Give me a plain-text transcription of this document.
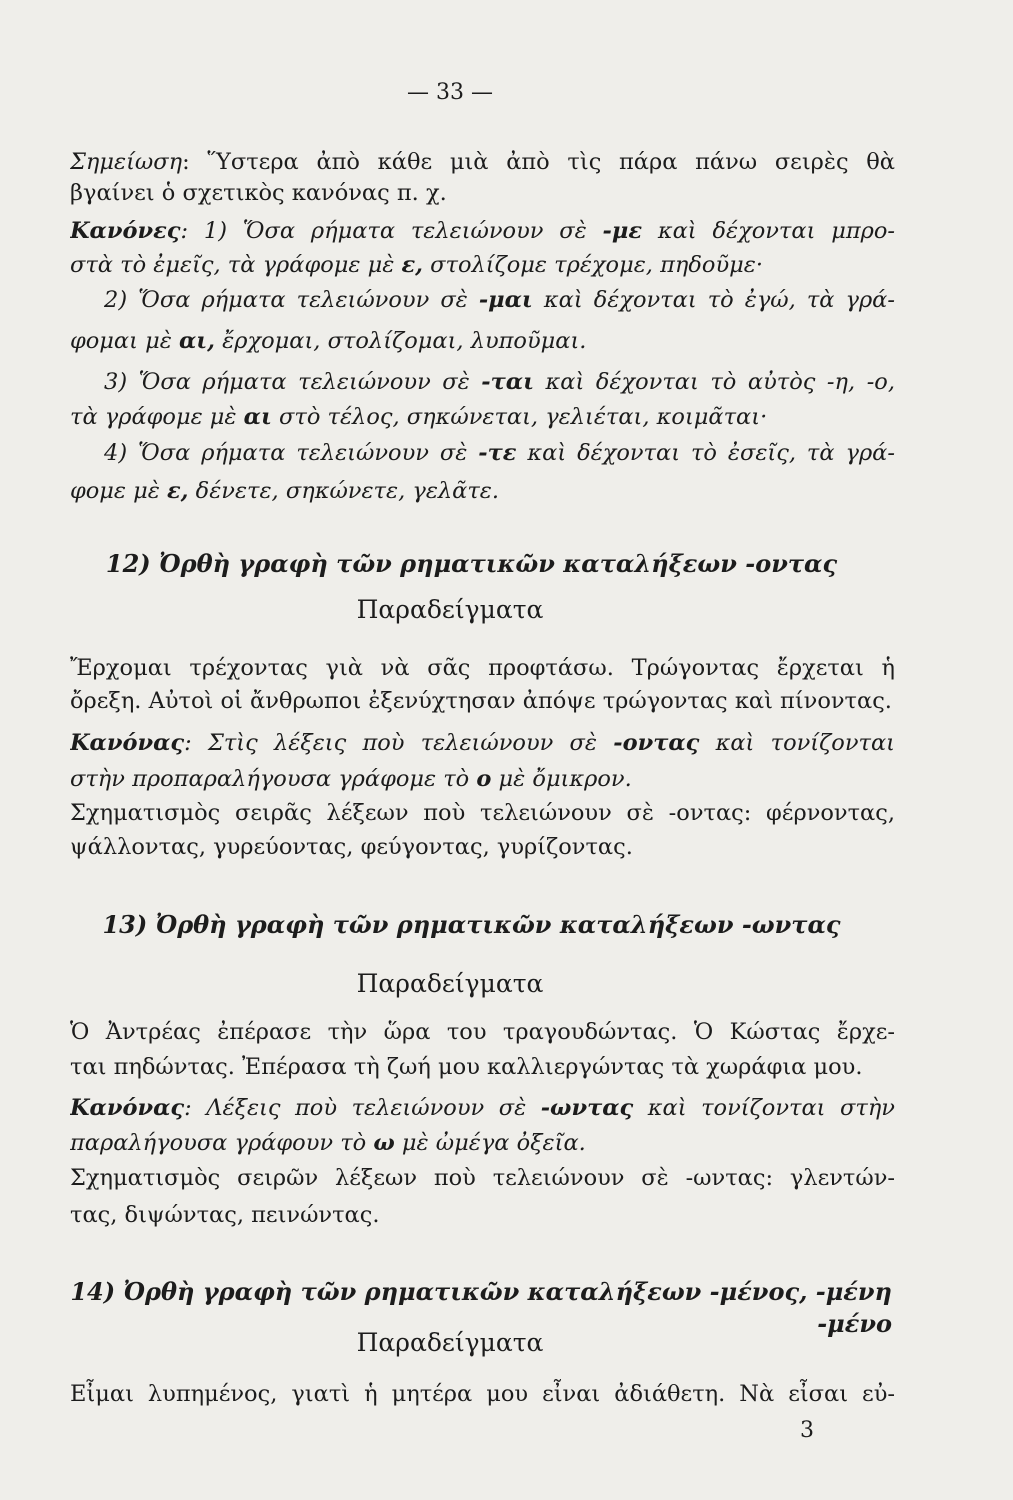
— 33 —
Σημείωση: Ὕστερα ἀπὸ κάθε μιὰ ἀπὸ τὶς πάρα πάνω σειρὲς θὰ
βγαίνει ὁ σχετικὸς κανόνας π. χ.
Κανόνες: 1) Ὅσα ρήματα τελειώνουν σὲ -με καὶ δέχονται μπρο-
στὰ τὸ ἐμεῖς, τὰ γράφομε μὲ ε, στολίζομε τρέχομε, πηδοῦμε·
2) Ὅσα ρήματα τελειώνουν σὲ -μαι καὶ δέχονται τὸ ἐγώ, τὰ γρά-
φομαι μὲ αι, ἔρχομαι, στολίζομαι, λυποῦμαι.
3) Ὅσα ρήματα τελειώνουν σὲ -ται καὶ δέχονται τὸ αὐτὸς -η, -ο,
τὰ γράφομε μὲ αι στὸ τέλος, σηκώνεται, γελιέται, κοιμᾶται·
4) Ὅσα ρήματα τελειώνουν σὲ -τε καὶ δέχονται τὸ ἐσεῖς, τὰ γρά-
φομε μὲ ε, δένετε, σηκώνετε, γελᾶτε.
12) Ὀρθὴ γραφὴ τῶν ρηματικῶν καταλήξεων -οντας
Παραδείγματα
Ἔρχομαι τρέχοντας γιὰ νὰ σᾶς προφτάσω. Τρώγοντας ἔρχεται ἡ
ὄρεξη. Αὐτοὶ οἱ ἄνθρωποι ἐξενύχτησαν ἀπόψε τρώγοντας καὶ πίνοντας.
Κανόνας: Στὶς λέξεις ποὺ τελειώνουν σὲ -οντας καὶ τονίζονται
στὴν προπαραλήγουσα γράφομε τὸ ο μὲ ὄμικρον.
Σχηματισμὸς σειρᾶς λέξεων ποὺ τελειώνουν σὲ -οντας: φέρνοντας,
ψάλλοντας, γυρεύοντας, φεύγοντας, γυρίζοντας.
13) Ὀρθὴ γραφὴ τῶν ρηματικῶν καταλήξεων -ωντας
Παραδείγματα
Ὁ Ἀντρέας ἐπέρασε τὴν ὥρα του τραγουδώντας. Ὁ Κώστας ἔρχε-
ται πηδώντας. Ἐπέρασα τὴ ζωή μου καλλιεργώντας τὰ χωράφια μου.
Κανόνας: Λέξεις ποὺ τελειώνουν σὲ -ωντας καὶ τονίζονται στὴν
παραλήγουσα γράφουν τὸ ω μὲ ὠμέγα ὀξεῖα.
Σχηματισμὸς σειρῶν λέξεων ποὺ τελειώνουν σὲ -ωντας: γλεντών-
τας, διψώντας, πεινώντας.
14) Ὀρθὴ γραφὴ τῶν ρηματικῶν καταλήξεων -μένος, -μένη -μένο
Παραδείγματα
Εἶμαι λυπημένος, γιατὶ ἡ μητέρα μου εἶναι ἀδιάθετη. Νὰ εἶσαι εὐ-
3
